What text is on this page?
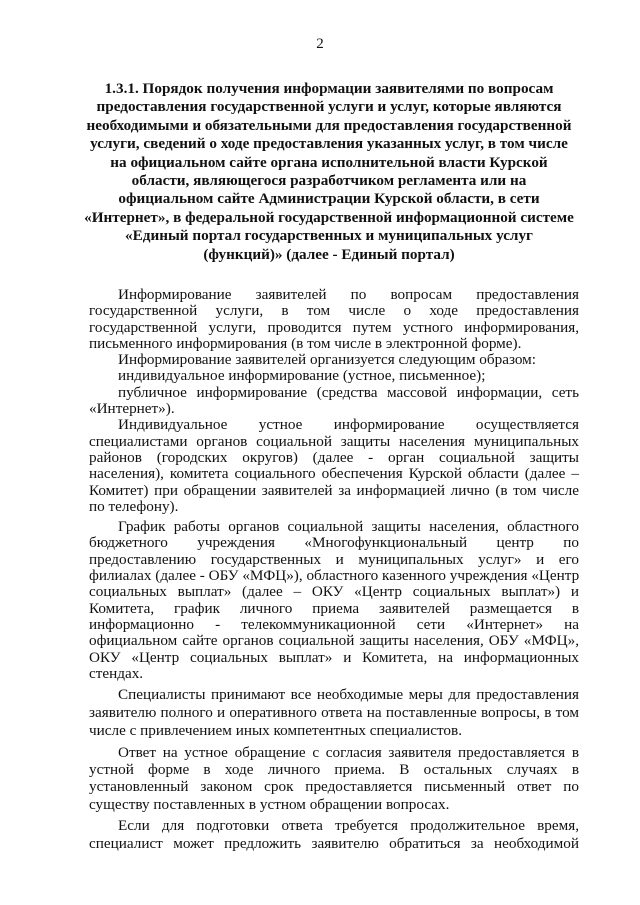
2
1.3.1. Порядок получения информации заявителями по вопросам
предоставления государственной услуги и услуг, которые являются
необходимыми и обязательными для предоставления государственной
услуги, сведений о ходе предоставления указанных услуг, в том числе
на официальном сайте органа исполнительной власти Курской
области, являющегося разработчиком регламента или на
официальном сайте Администрации Курской области, в сети
«Интернет», в федеральной государственной информационной системе
«Единый портал государственных и муниципальных услуг
(функций)» (далее - Единый портал)
Информирование заявителей по вопросам предоставления
государственной услуги, в том числе о ходе предоставления
государственной услуги, проводится путем устного информирования,
письменного информирования (в том числе в электронной форме).
Информирование заявителей организуется следующим образом:
индивидуальное информирование (устное, письменное);
публичное информирование (средства массовой информации, сеть
«Интернет»).
Индивидуальное устное информирование осуществляется
специалистами органов социальной защиты населения муниципальных
районов (городских округов) (далее - орган социальной защиты
населения), комитета социального обеспечения Курской области (далее –
Комитет) при обращении заявителей за информацией лично (в том числе
по телефону).
График работы органов социальной защиты населения, областного
бюджетного учреждения «Многофункциональный центр по
предоставлению государственных и муниципальных услуг» и его
филиалах (далее - ОБУ «МФЦ»), областного казенного учреждения «Центр
социальных выплат» (далее – ОКУ «Центр социальных выплат») и
Комитета, график личного приема заявителей размещается в
информационно - телекоммуникационной сети «Интернет» на
официальном сайте органов социальной защиты населения, ОБУ «МФЦ»,
ОКУ «Центр социальных выплат» и Комитета, на информационных
стендах.
Специалисты принимают все необходимые меры для предоставления
заявителю полного и оперативного ответа на поставленные вопросы, в том
числе с привлечением иных компетентных специалистов.
Ответ на устное обращение с согласия заявителя предоставляется в
устной форме в ходе личного приема. В остальных случаях в
установленный законом срок предоставляется письменный ответ по
существу поставленных в устном обращении вопросах.
Если для подготовки ответа требуется продолжительное время,
специалист может предложить заявителю обратиться за необходимой
